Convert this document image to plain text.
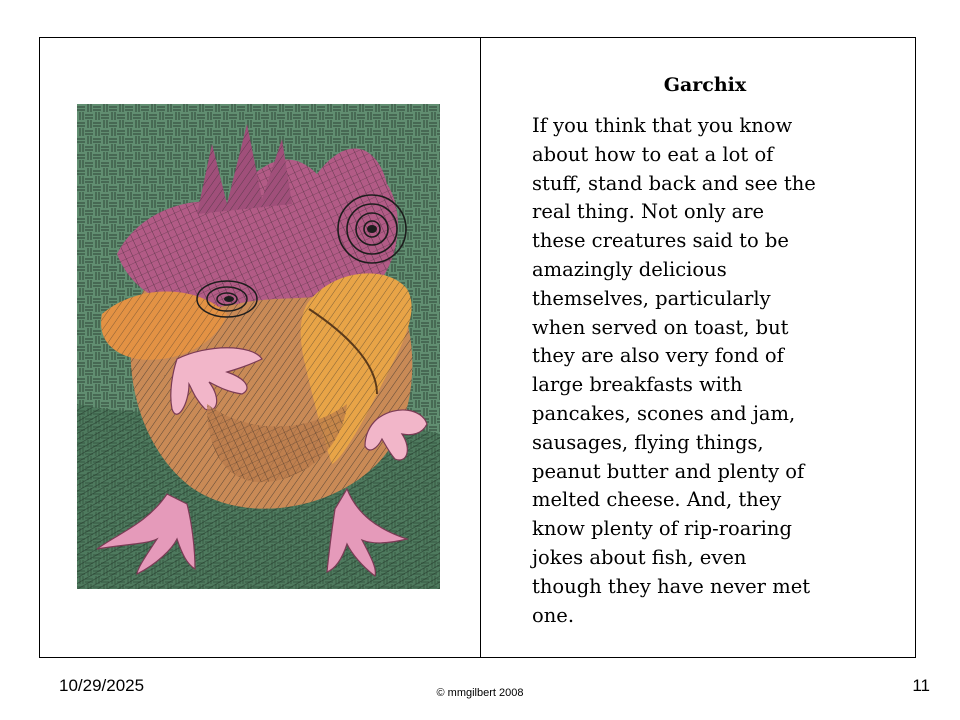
Garchix

If you think that you know
about how to eat a lot of
stuff, stand back and see the
real thing. Not only are
these creatures said to be
amazingly delicious
themselves, particularly
when served on toast, but
they are also very fond of
large breakfasts with
pancakes, scones and jam,
sausages, flying things,
peanut butter and plenty of
melted cheese. And, they
know plenty of rip-roaring
jokes about fish, even
though they have never met
one.

10/29/2025	© mmgilbert 2008	11
